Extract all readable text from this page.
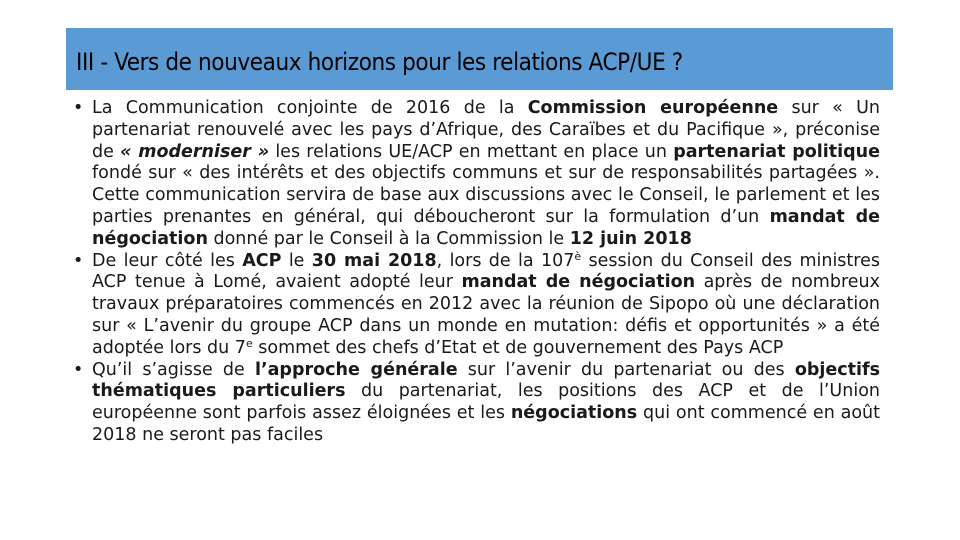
III - Vers de nouveaux horizons pour les relations ACP/UE ?
• La Communication conjointe de 2016 de la Commission européenne sur « Un partenariat renouvelé avec les pays d’Afrique, des Caraïbes et du Pacifique », préconise de « moderniser » les relations UE/ACP en mettant en place un partenariat politique fondé sur « des intérêts et des objectifs communs et sur de responsabilités partagées ». Cette communication servira de base aux discussions avec le Conseil, le parlement et les parties prenantes en général, qui déboucheront sur la formulation d’un mandat de négociation donné par le Conseil à la Commission le 12 juin 2018
• De leur côté les ACP le 30 mai 2018, lors de la $107^è$ session du Conseil des ministres ACP tenue à Lomé, avaient adopté leur mandat de négociation après de nombreux travaux préparatoires commencés en 2012 avec la réunion de Sipopo où une déclaration sur « L’avenir du groupe ACP dans un monde en mutation: défis et opportunités » a été adoptée lors du 7e sommet des chefs d’Etat et de gouvernement des Pays ACP
• Qu’il s’agisse de l’approche générale sur l’avenir du partenariat ou des objectifs thématiques particuliers du partenariat, les positions des ACP et de l’Union européenne sont parfois assez éloignées et les négociations qui ont commencé en août 2018 ne seront pas faciles
